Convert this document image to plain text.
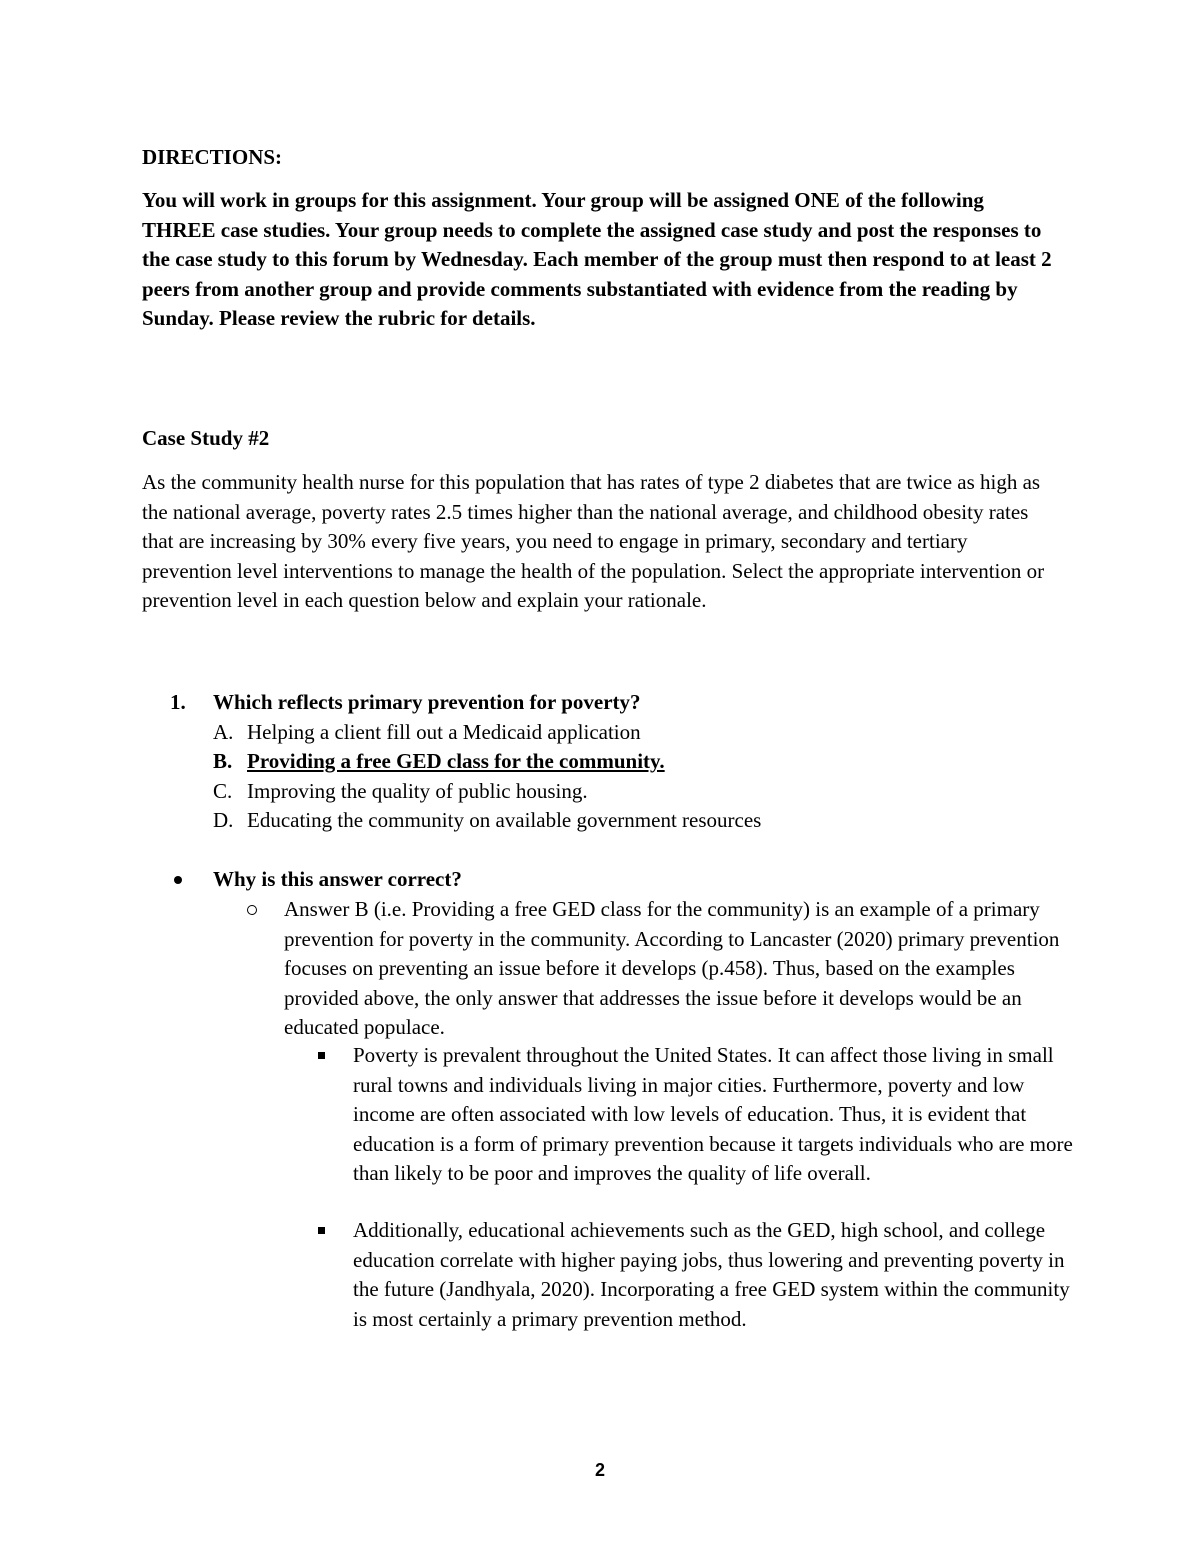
DIRECTIONS:
You will work in groups for this assignment. Your group will be assigned ONE of the following THREE case studies. Your group needs to complete the assigned case study and post the responses to the case study to this forum by Wednesday. Each member of the group must then respond to at least 2 peers from another group and provide comments substantiated with evidence from the reading by Sunday. Please review the rubric for details.
Case Study #2
As the community health nurse for this population that has rates of type 2 diabetes that are twice as high as the national average, poverty rates 2.5 times higher than the national average, and childhood obesity rates that are increasing by 30% every five years, you need to engage in primary, secondary and tertiary prevention level interventions to manage the health of the population. Select the appropriate intervention or prevention level in each question below and explain your rationale.
1. Which reflects primary prevention for poverty?
A. Helping a client fill out a Medicaid application
B. Providing a free GED class for the community.
C. Improving the quality of public housing.
D. Educating the community on available government resources
Why is this answer correct?
Answer B (i.e. Providing a free GED class for the community) is an example of a primary prevention for poverty in the community. According to Lancaster (2020) primary prevention focuses on preventing an issue before it develops (p.458). Thus, based on the examples provided above, the only answer that addresses the issue before it develops would be an educated populace.
Poverty is prevalent throughout the United States. It can affect those living in small rural towns and individuals living in major cities. Furthermore, poverty and low income are often associated with low levels of education. Thus, it is evident that education is a form of primary prevention because it targets individuals who are more than likely to be poor and improves the quality of life overall.
Additionally, educational achievements such as the GED, high school, and college education correlate with higher paying jobs, thus lowering and preventing poverty in the future (Jandhyala, 2020). Incorporating a free GED system within the community is most certainly a primary prevention method.
2
